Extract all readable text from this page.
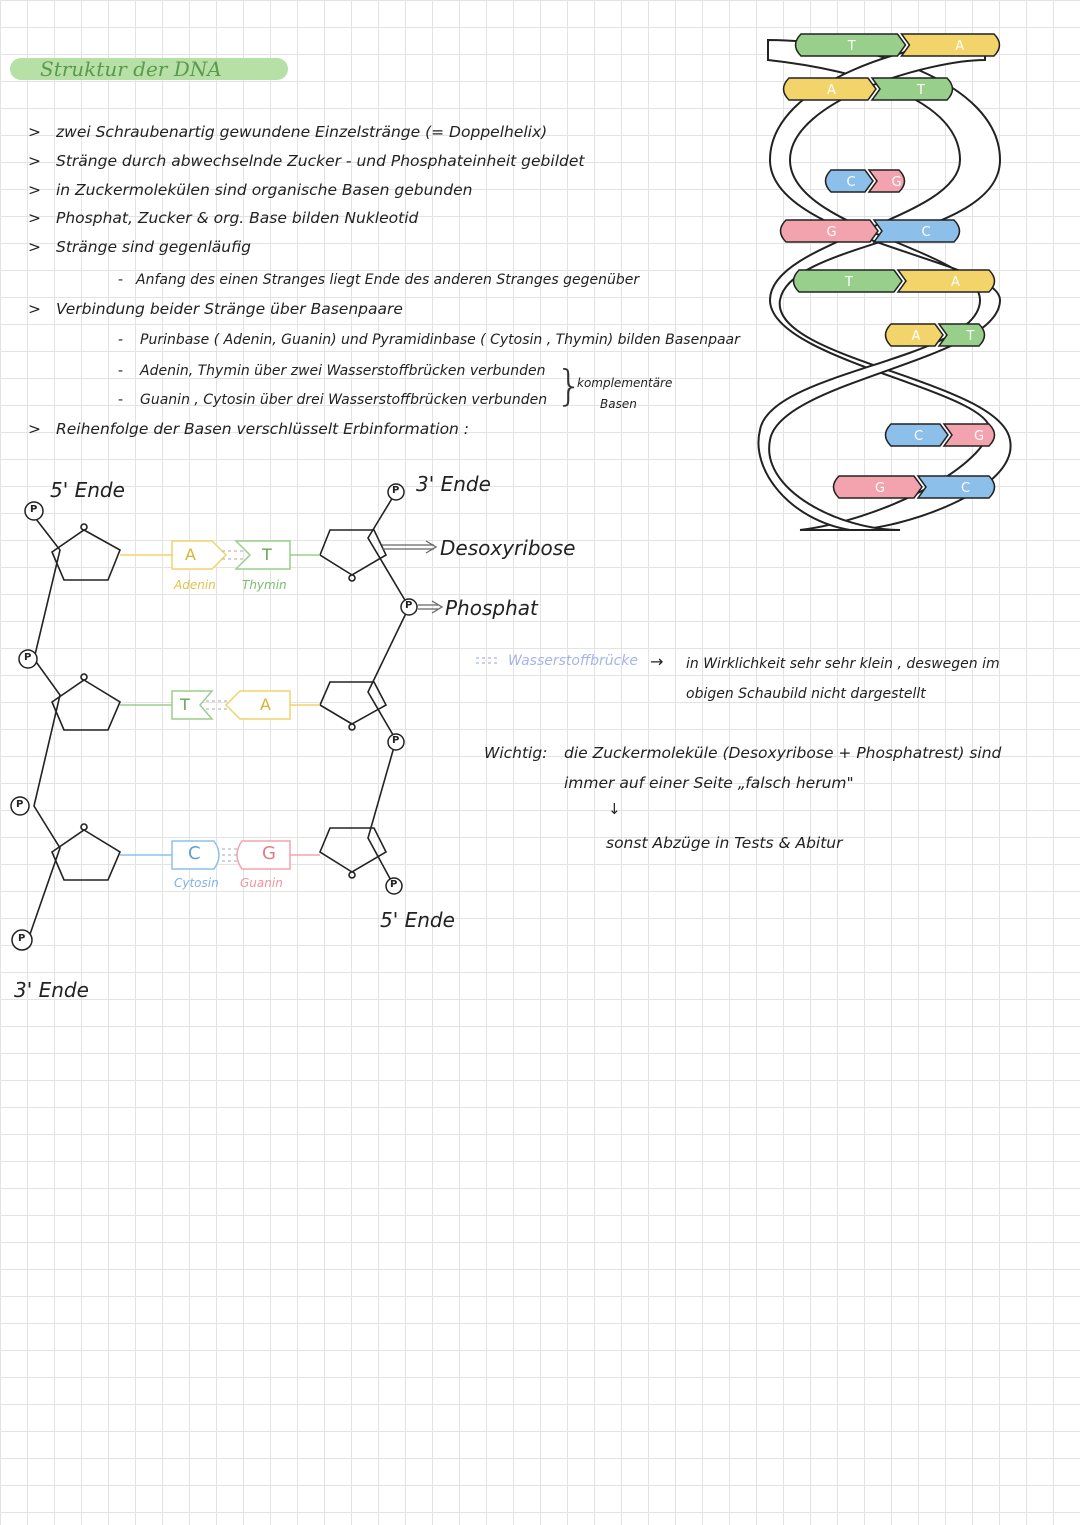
Struktur der DNA
> zwei Schraubenartig gewundene Einzelstränge (= Doppelhelix)
> Stränge durch abwechselnde Zucker - und Phosphateinheit gebildet
> in Zuckermolekülen sind organische Basen gebunden
> Phosphat, Zucker & org. Base bilden Nukleotid
> Stränge sind gegenläufig
- Anfang des einen Stranges liegt Ende des anderen Stranges gegenüber
> Verbindung beider Stränge über Basenpaare
- Purinbase ( Adenin, Guanin) und Pyramidinbase ( Cytosin , Thymin) bilden Basenpaar
- Adenin, Thymin über zwei Wasserstoffbrücken verbunden
- Guanin , Cytosin über drei Wasserstoffbrücken verbunden
> Reihenfolge der Basen verschlüsselt Erbinformation :
}
komplementäre
Basen
T	A
A	T
C	G
G	C
T	A
A	T
C	G
G	C
5' Ende	3' Ende
5' Ende
3' Ende
Desoxyribose
Phosphat
P
P
P
P
P
P
P
P
A	T
Adenin Thymin
T	A
C	G
Cytosin Guanin
Wasserstoffbrücke → in Wirklichkeit sehr sehr klein , deswegen im
obigen Schaubild nicht dargestellt
Wichtig: die Zuckermoleküle (Desoxyribose + Phosphatrest) sind
immer auf einer Seite „falsch herum"
↓
sonst Abzüge in Tests & Abitur
